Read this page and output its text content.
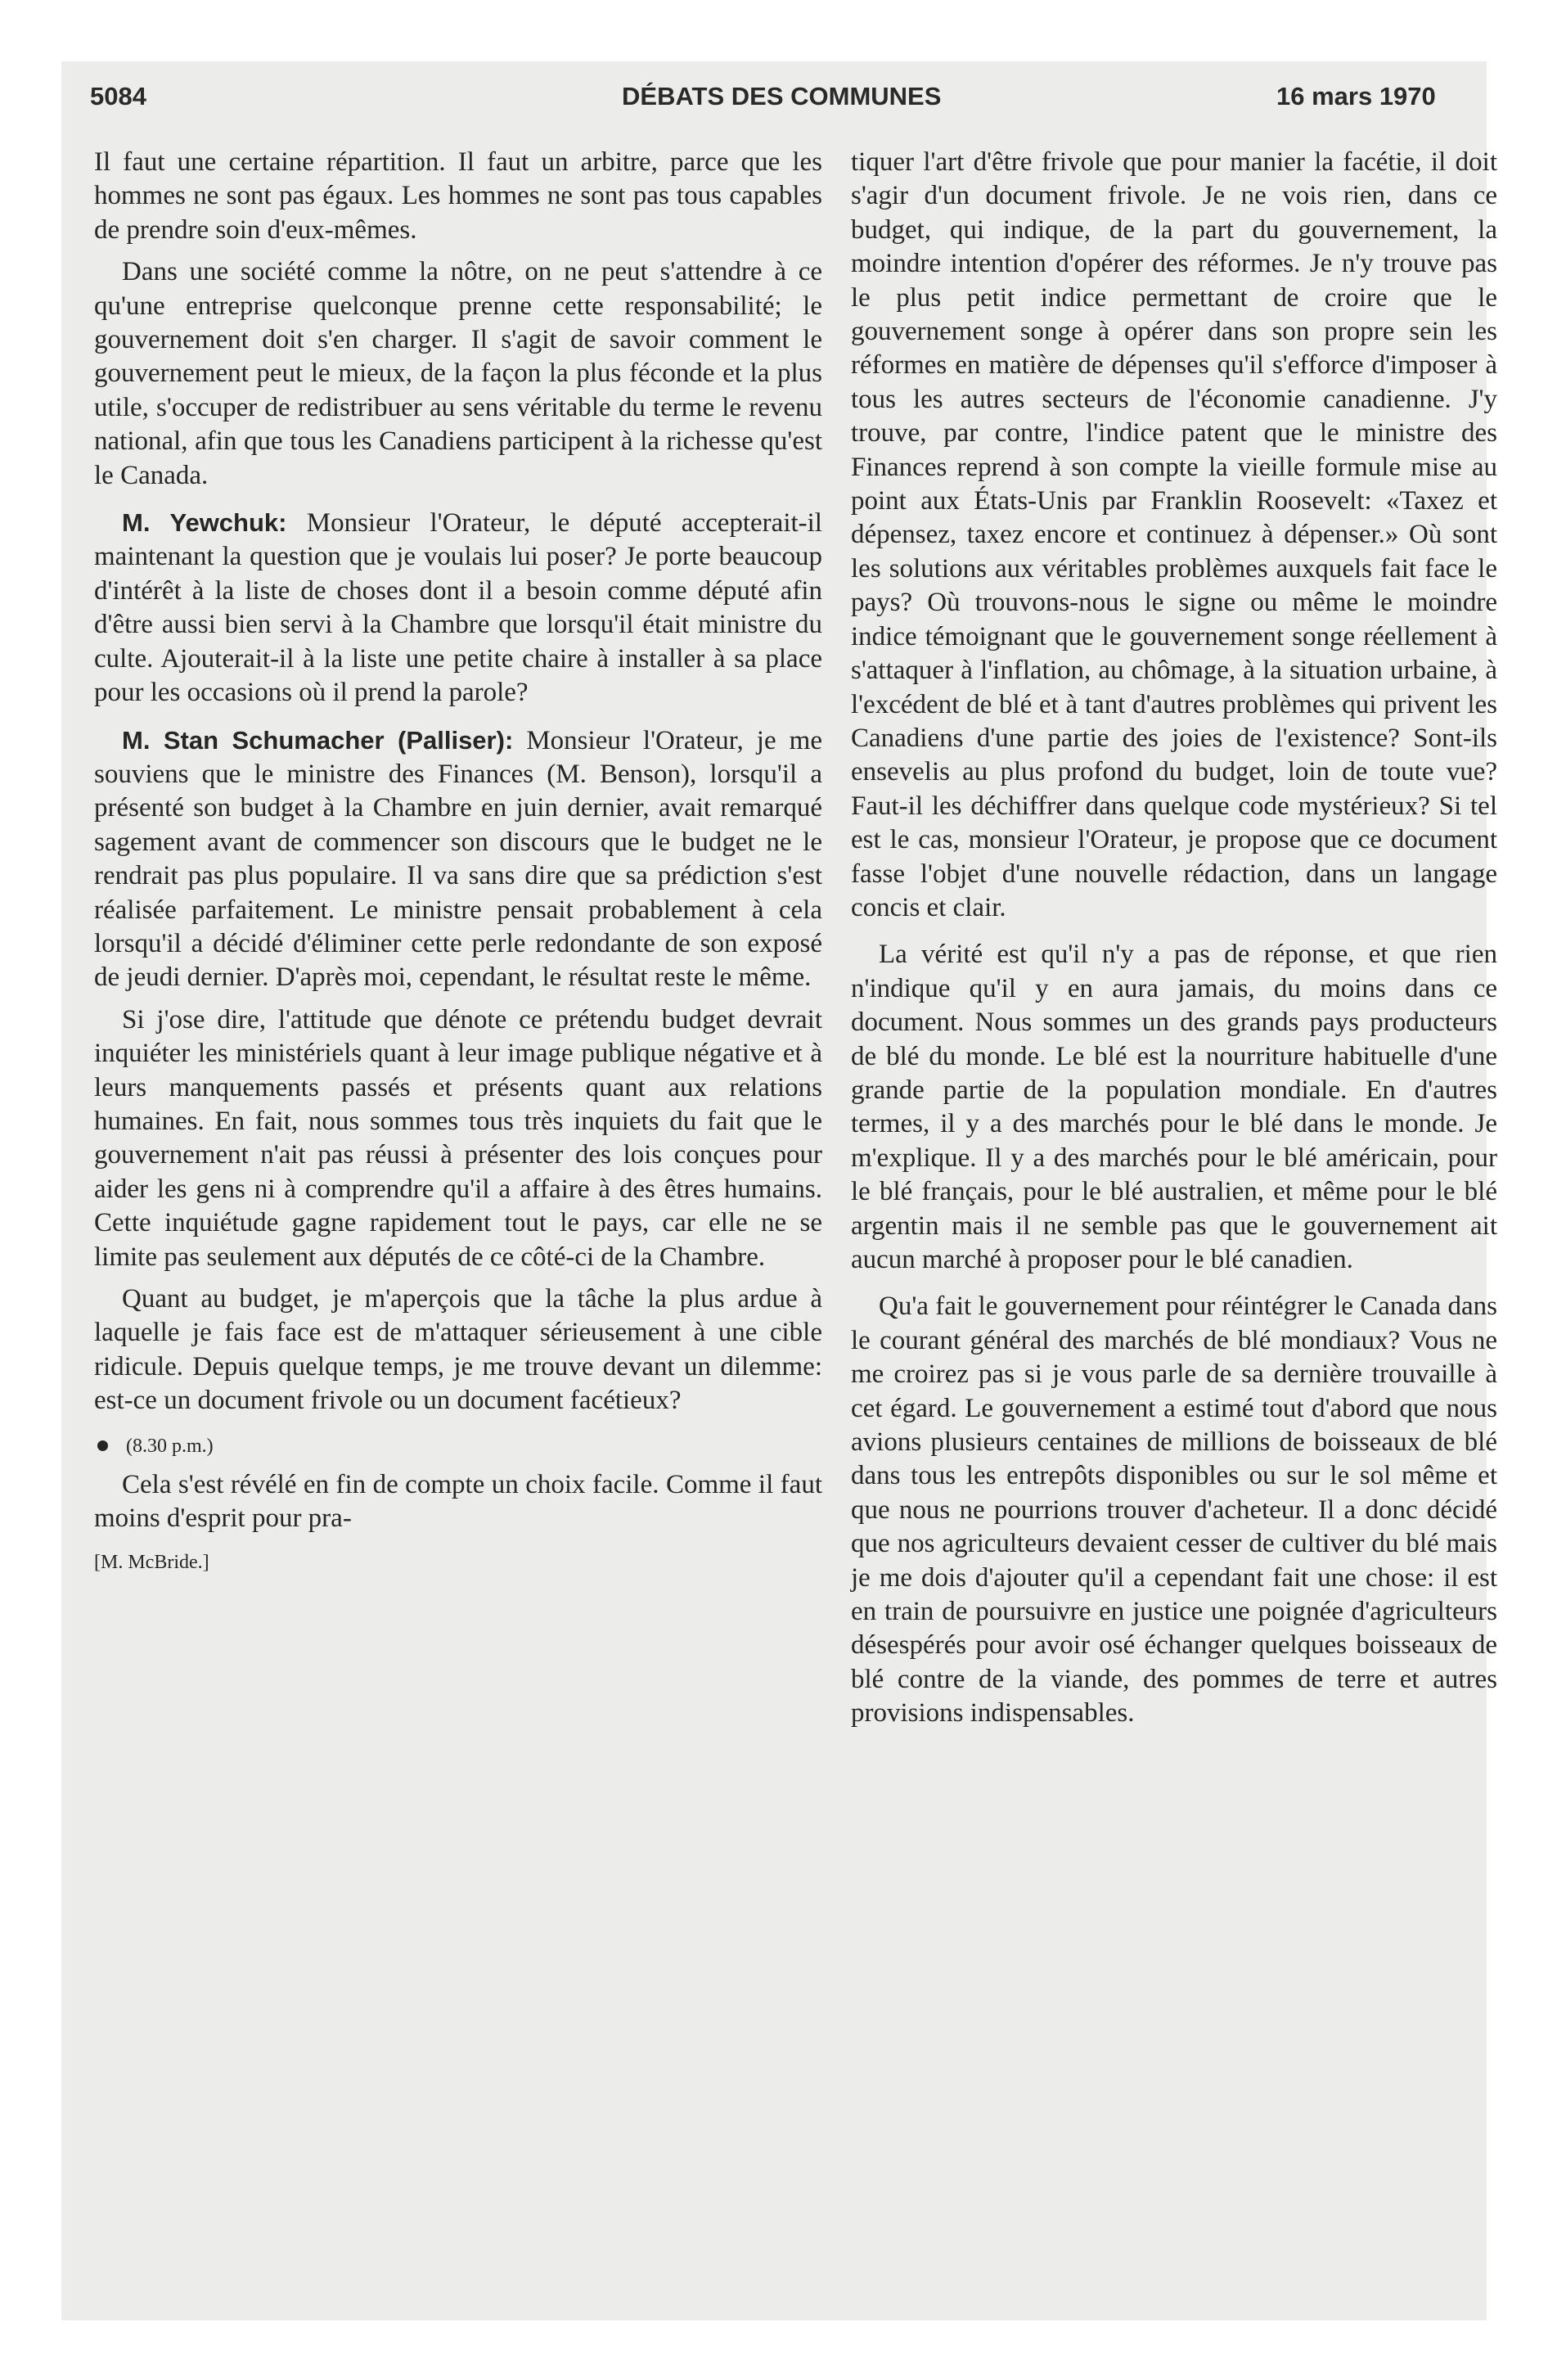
5084	DÉBATS DES COMMUNES	16 mars 1970

Il faut une certaine répartition. Il faut un arbitre, parce que les hommes ne sont pas égaux. Les hommes ne sont pas tous capables de prendre soin d'eux-mêmes.

Dans une société comme la nôtre, on ne peut s'attendre à ce qu'une entreprise quelconque prenne cette responsabilité; le gouvernement doit s'en charger. Il s'agit de savoir comment le gouvernement peut le mieux, de la façon la plus féconde et la plus utile, s'occuper de redistribuer au sens véritable du terme le revenu national, afin que tous les Canadiens participent à la richesse qu'est le Canada.

M. Yewchuk: Monsieur l'Orateur, le député accepterait-il maintenant la question que je voulais lui poser? Je porte beaucoup d'intérêt à la liste de choses dont il a besoin comme député afin d'être aussi bien servi à la Chambre que lorsqu'il était ministre du culte. Ajouterait-il à la liste une petite chaire à installer à sa place pour les occasions où il prend la parole?

M. Stan Schumacher (Palliser): Monsieur l'Orateur, je me souviens que le ministre des Finances (M. Benson), lorsqu'il a présenté son budget à la Chambre en juin dernier, avait remarqué sagement avant de commencer son discours que le budget ne le rendrait pas plus populaire. Il va sans dire que sa prédiction s'est réalisée parfaitement. Le ministre pensait probablement à cela lorsqu'il a décidé d'éliminer cette perle redondante de son exposé de jeudi dernier. D'après moi, cependant, le résultat reste le même.

Si j'ose dire, l'attitude que dénote ce prétendu budget devrait inquiéter les ministériels quant à leur image publique négative et à leurs manquements passés et présents quant aux relations humaines. En fait, nous sommes tous très inquiets du fait que le gouvernement n'ait pas réussi à présenter des lois conçues pour aider les gens ni à comprendre qu'il a affaire à des êtres humains. Cette inquiétude gagne rapidement tout le pays, car elle ne se limite pas seulement aux députés de ce côté-ci de la Chambre.

Quant au budget, je m'aperçois que la tâche la plus ardue à laquelle je fais face est de m'attaquer sérieusement à une cible ridicule. Depuis quelque temps, je me trouve devant un dilemme: est-ce un document frivole ou un document facétieux?

(8.30 p.m.)

Cela s'est révélé en fin de compte un choix facile. Comme il faut moins d'esprit pour pra-

[M. McBride.]

tiquer l'art d'être frivole que pour manier la facétie, il doit s'agir d'un document frivole. Je ne vois rien, dans ce budget, qui indique, de la part du gouvernement, la moindre intention d'opérer des réformes. Je n'y trouve pas le plus petit indice permettant de croire que le gouvernement songe à opérer dans son propre sein les réformes en matière de dépenses qu'il s'efforce d'imposer à tous les autres secteurs de l'économie canadienne. J'y trouve, par contre, l'indice patent que le ministre des Finances reprend à son compte la vieille formule mise au point aux États-Unis par Franklin Roosevelt: «Taxez et dépensez, taxez encore et continuez à dépenser.» Où sont les solutions aux véritables problèmes auxquels fait face le pays? Où trouvons-nous le signe ou même le moindre indice témoignant que le gouvernement songe réellement à s'attaquer à l'inflation, au chômage, à la situation urbaine, à l'excédent de blé et à tant d'autres problèmes qui privent les Canadiens d'une partie des joies de l'existence? Sont-ils ensevelis au plus profond du budget, loin de toute vue? Faut-il les déchiffrer dans quelque code mystérieux? Si tel est le cas, monsieur l'Orateur, je propose que ce document fasse l'objet d'une nouvelle rédaction, dans un langage concis et clair.

La vérité est qu'il n'y a pas de réponse, et que rien n'indique qu'il y en aura jamais, du moins dans ce document. Nous sommes un des grands pays producteurs de blé du monde. Le blé est la nourriture habituelle d'une grande partie de la population mondiale. En d'autres termes, il y a des marchés pour le blé dans le monde. Je m'explique. Il y a des marchés pour le blé américain, pour le blé français, pour le blé australien, et même pour le blé argentin mais il ne semble pas que le gouvernement ait aucun marché à proposer pour le blé canadien.

Qu'a fait le gouvernement pour réintégrer le Canada dans le courant général des marchés de blé mondiaux? Vous ne me croirez pas si je vous parle de sa dernière trouvaille à cet égard. Le gouvernement a estimé tout d'abord que nous avions plusieurs centaines de millions de boisseaux de blé dans tous les entrepôts disponibles ou sur le sol même et que nous ne pourrions trouver d'acheteur. Il a donc décidé que nos agriculteurs devaient cesser de cultiver du blé mais je me dois d'ajouter qu'il a cependant fait une chose: il est en train de poursuivre en justice une poignée d'agriculteurs désespérés pour avoir osé échanger quelques boisseaux de blé contre de la viande, des pommes de terre et autres provisions indispensables.
